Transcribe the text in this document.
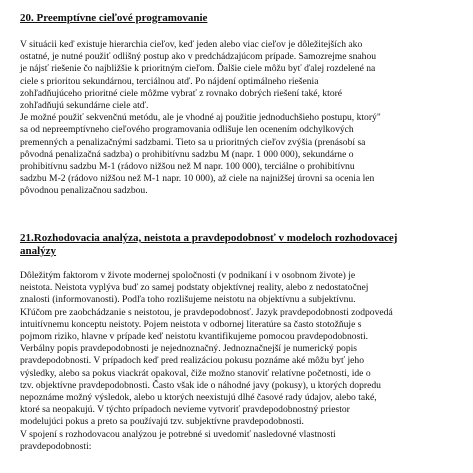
20. Preemptívne cieľové programovanie
V situácii keď existuje hierarchia cieľov, keď jeden alebo viac cieľov je dôležitejších ako
ostatné, je nutné použiť odlišný postup ako v predchádzajúcom prípade. Samozrejme snahou
je nájsť riešenie čo najbližšie k prioritným cieľom. Ďalšie ciele môžu byť ďalej rozdelené na
ciele s prioritou sekundárnou, terciálnou atď. Po nájdení optimálneho riešenia
zohľadňujúceho prioritné ciele môžme vybrať z rovnako dobrých riešení také, ktoré
zohľadňujú sekundárne ciele atď.
Je možné použiť sekvenčnú metódu, ale je vhodné aj použitie jednoduchšieho postupu, ktorý"
sa od nepreemptívneho cieľového programovania odlišuje len ocenením odchylkových
premenných a penalizačnými sadzbami. Tieto sa u prioritných cieľov zvýšia (prenásobí sa
pôvodná penalizačná sadzba) o prohibitívnu sadzbu M (napr. 1 000 000), sekundárne o
prohibitívnu sadzbu M-1 (rádovo nižšou než M napr. 100 000), terciálne o prohibitívnu
sadzbu M-2 (rádovo nižšou než M-1 napr. 10 000), až ciele na najnižšej úrovni sa ocenia len
pôvodnou penalizačnou sadzbou.
21.Rozhodovacia analýza, neistota a pravdepodobnosť v modeloch rozhodovacej
analýzy
Dôležitým faktorom v živote modernej spoločnosti (v podnikaní i v osobnom živote) je
neistota. Neistota vyplýva buď zo samej podstaty objektívnej reality, alebo z nedostatočnej
znalosti (informovanosti). Podľa toho rozlišujeme neistotu na objektívnu a subjektívnu.
Kľúčom pre zaobchádzanie s neistotou, je pravdepodobnosť. Jazyk pravdepodobnosti zodpovedá
intuitívnemu konceptu neistoty. Pojem neistota v odbornej literatúre sa často stotožňuje s
pojmom riziko, hlavne v prípade keď neistotu kvantifikujeme pomocou pravdepodobnosti.
Verbálny popis pravdepodobnosti je nejednoznačný. Jednoznačnejší je numerický popis
pravdepodobnosti. V prípadoch keď pred realizáciou pokusu poznáme aké môžu byť jeho
výsledky, alebo sa pokus viackrát opakoval, čiže možno stanoviť relatívne početnosti, ide o
tzv. objektívne pravdepodobnosti. Často však ide o náhodné javy (pokusy), u ktorých dopredu
nepoznáme možný výsledok, alebo u ktorých neexistujú dlhé časové rady údajov, alebo také,
ktoré sa neopakujú. V týchto prípadoch nevieme vytvoriť pravdepodobnostný priestor
modelujúci pokus a preto sa používajú tzv. subjektívne pravdepodobnosti.
V spojení s rozhodovacou analýzou je potrebné si uvedomiť nasledovné vlastnosti
pravdepodobnosti:
